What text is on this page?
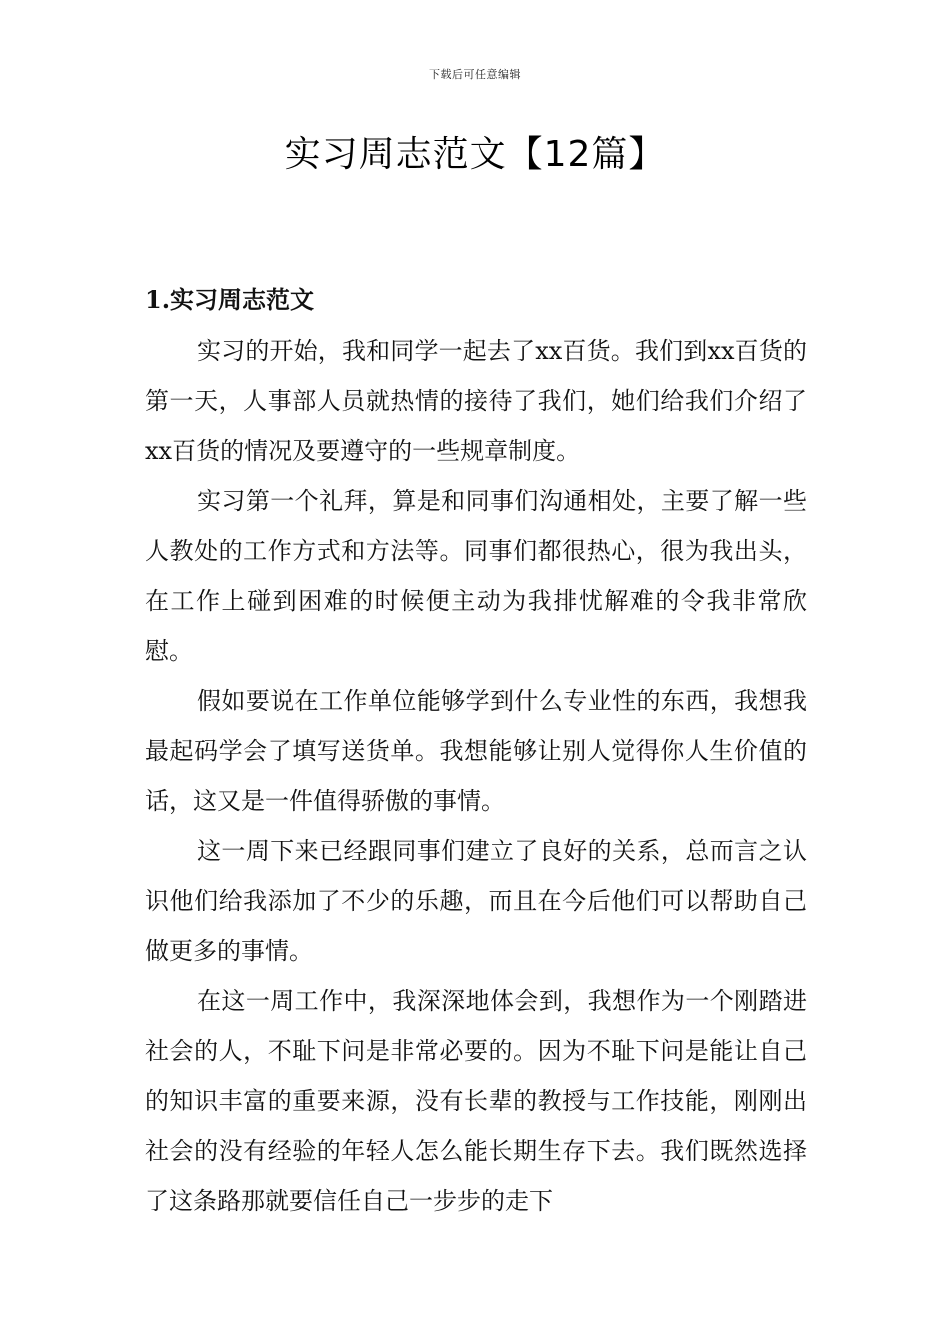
下载后可任意编辑
实习周志范文【12篇】
1.实习周志范文

实习的开始，我和同学一起去了xx百货。我们到xx百货的第一天，人事部人员就热情的接待了我们，她们给我们介绍了xx百货的情况及要遵守的一些规章制度。

实习第一个礼拜，算是和同事们沟通相处，主要了解一些人教处的工作方式和方法等。同事们都很热心，很为我出头，在工作上碰到困难的时候便主动为我排忧解难的令我非常欣慰。

假如要说在工作单位能够学到什么专业性的东西，我想我最起码学会了填写送货单。我想能够让别人觉得你人生价值的话，这又是一件值得骄傲的事情。

这一周下来已经跟同事们建立了良好的关系，总而言之认识他们给我添加了不少的乐趣，而且在今后他们可以帮助自己做更多的事情。

在这一周工作中，我深深地体会到，我想作为一个刚踏进社会的人，不耻下问是非常必要的。因为不耻下问是能让自己的知识丰富的重要来源，没有长辈的教授与工作技能，刚刚出社会的没有经验的年轻人怎么能长期生存下去。我们既然选择了这条路那就要信任自己一步步的走下
